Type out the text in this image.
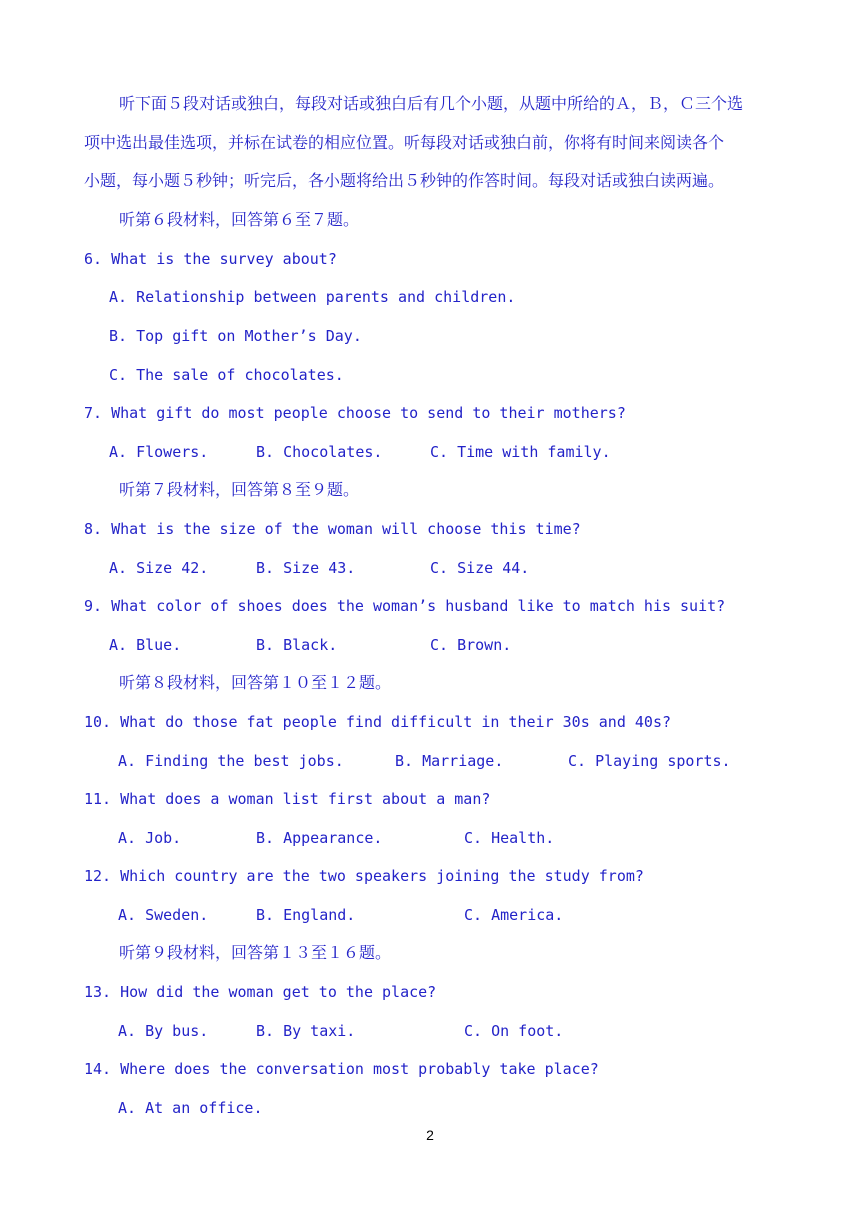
听下面５段对话或独白，每段对话或独白后有几个小题，从题中所给的Ａ，Ｂ，Ｃ三个选
项中选出最佳选项，并标在试卷的相应位置。听每段对话或独白前，你将有时间来阅读各个
小题，每小题５秒钟；听完后，各小题将给出５秒钟的作答时间。每段对话或独白读两遍。
听第６段材料，回答第６至７题。
6. What is the survey about?
A. Relationship between parents and children.
B. Top gift on Mother’s Day.
C. The sale of chocolates.
7. What gift do most people choose to send to their mothers?
A. Flowers.	B. Chocolates.	C. Time with family.
听第７段材料，回答第８至９题。
8. What is the size of the woman will choose this time?
A. Size 42.	B. Size 43.	C. Size 44.
9. What color of shoes does the woman’s husband like to match his suit?
A. Blue.	B. Black.	C. Brown.
听第８段材料，回答第１０至１２题。
10. What do those fat people find difficult in their 30s and 40s?
A. Finding the best jobs.	B. Marriage.	C. Playing sports.
11. What does a woman list first about a man?
A. Job.	B. Appearance.	C. Health.
12. Which country are the two speakers joining the study from?
A. Sweden.	B. England.	C. America.
听第９段材料，回答第１３至１６题。
13. How did the woman get to the place?
A. By bus.	B. By taxi.	C. On foot.
14. Where does the conversation most probably take place?
A. At an office.
2
